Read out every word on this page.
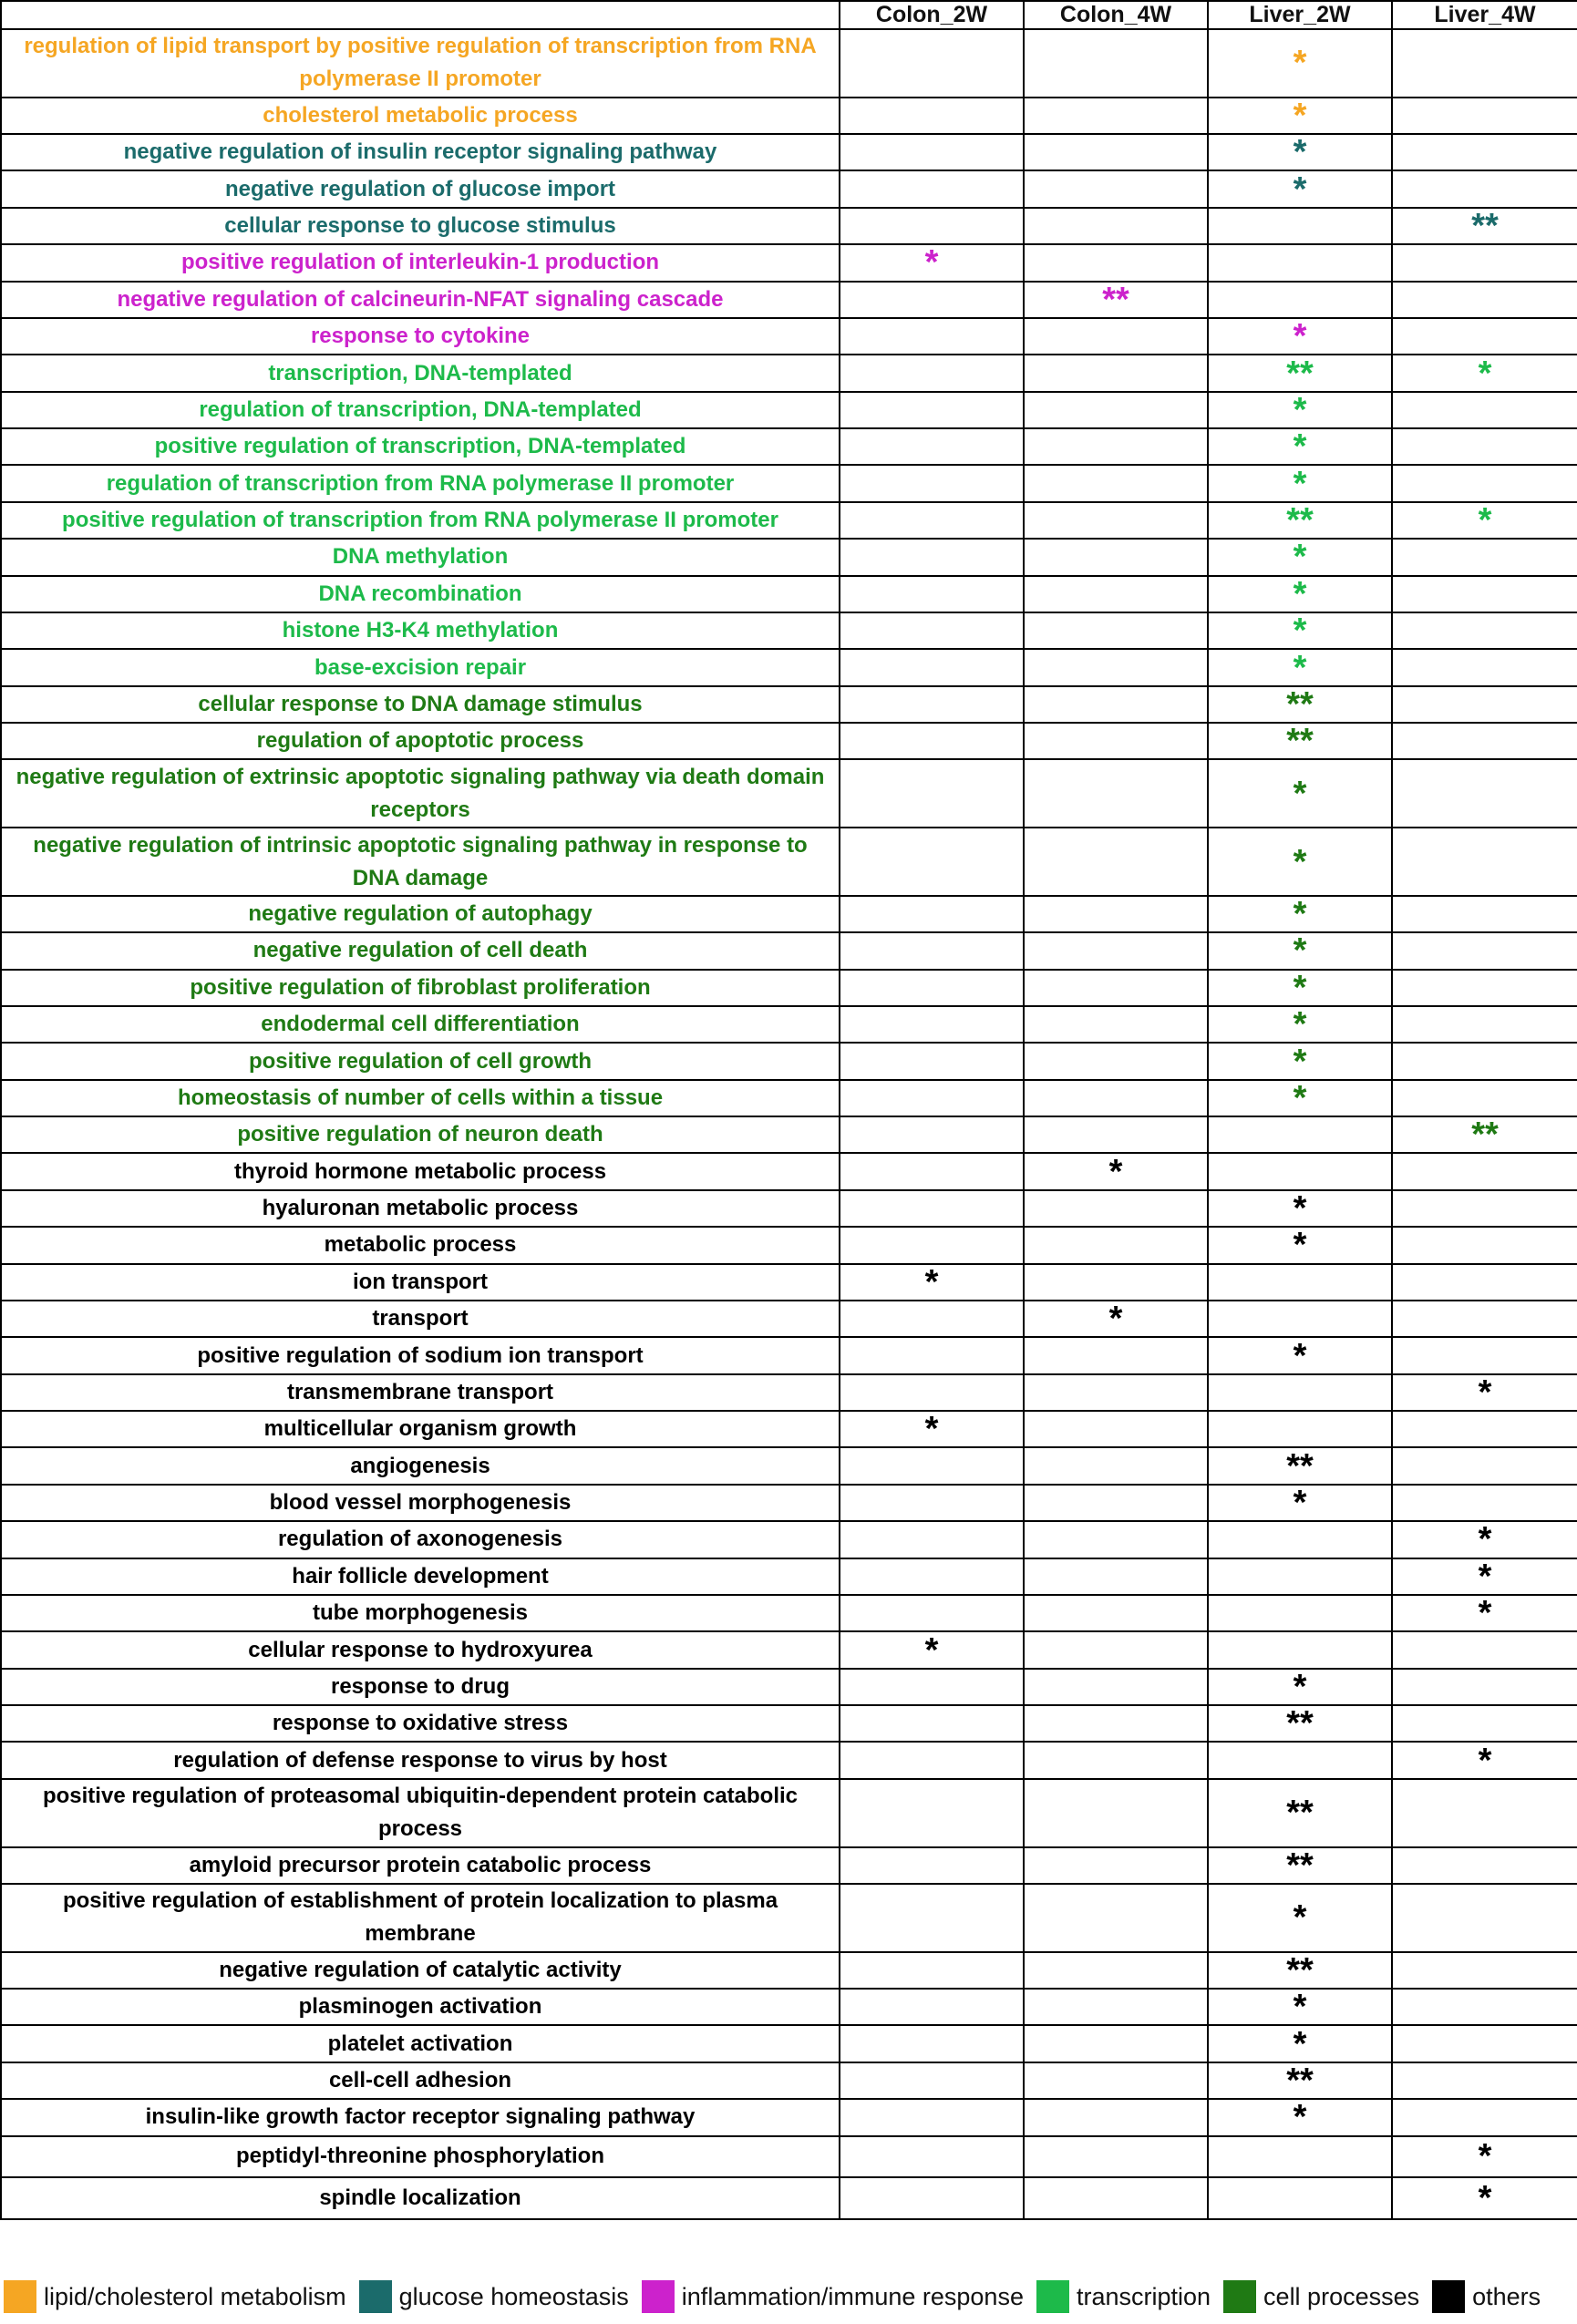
	Colon_2W	Colon_4W	Liver_2W	Liver_4W
regulation of lipid transport by positive regulation of transcription from RNA polymerase II promoter			*	
cholesterol metabolic process			*	
negative regulation of insulin receptor signaling pathway			*	
negative regulation of glucose import			*	
cellular response to glucose stimulus				**
positive regulation of interleukin-1 production	*			
negative regulation of calcineurin-NFAT signaling cascade		**		
response to cytokine			*	
transcription, DNA-templated			**	*
regulation of transcription, DNA-templated			*	
positive regulation of transcription, DNA-templated			*	
regulation of transcription from RNA polymerase II promoter			*	
positive regulation of transcription from RNA polymerase II promoter			**	*
DNA methylation			*	
DNA recombination			*	
histone H3-K4 methylation			*	
base-excision repair			*	
cellular response to DNA damage stimulus			**	
regulation of apoptotic process			**	
negative regulation of extrinsic apoptotic signaling pathway via death domain receptors			*	
negative regulation of intrinsic apoptotic signaling pathway in response to DNA damage			*	
negative regulation of autophagy			*	
negative regulation of cell death			*	
positive regulation of fibroblast proliferation			*	
endodermal cell differentiation			*	
positive regulation of cell growth			*	
homeostasis of number of cells within a tissue			*	
positive regulation of neuron death				**
thyroid hormone metabolic process		*		
hyaluronan metabolic process			*	
metabolic process			*	
ion transport	*			
transport		*		
positive regulation of sodium ion transport			*	
transmembrane transport				*
multicellular organism growth	*			
angiogenesis			**	
blood vessel morphogenesis			*	
regulation of axonogenesis				*
hair follicle development				*
tube morphogenesis				*
cellular response to hydroxyurea	*			
response to drug			*	
response to oxidative stress			**	
regulation of defense response to virus by host				*
positive regulation of proteasomal ubiquitin-dependent protein catabolic process			**	
amyloid precursor protein catabolic process			**	
positive regulation of establishment of protein localization to plasma membrane			*	
negative regulation of catalytic activity			**	
plasminogen activation			*	
platelet activation			*	
cell-cell adhesion			**	
insulin-like growth factor receptor signaling pathway			*	
peptidyl-threonine phosphorylation				*
spindle localization				*
lipid/cholesterol metabolism glucose homeostasis inflammation/immune response transcription cell processes others
